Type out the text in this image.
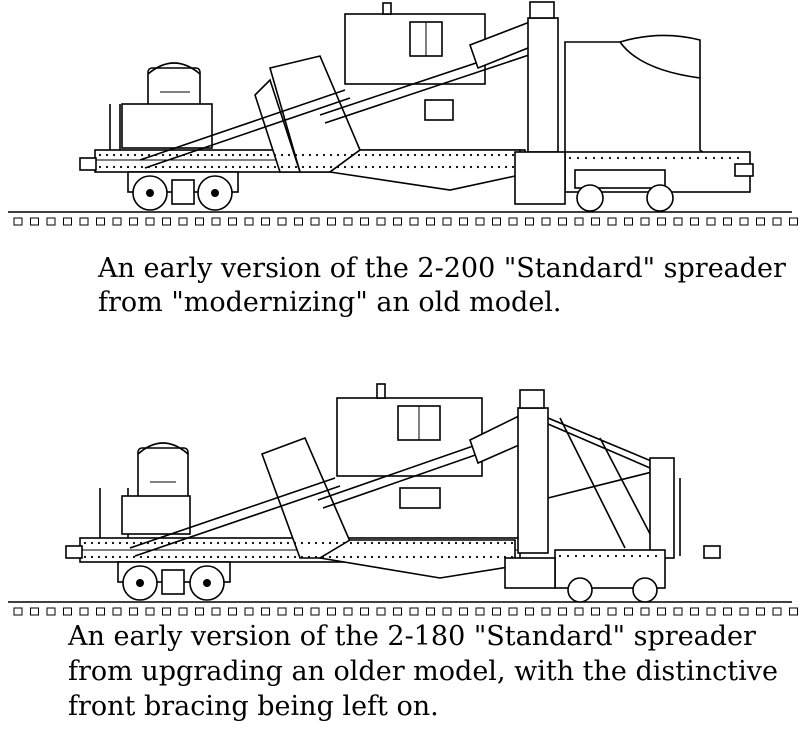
An early version of the 2-200 "Standard" spreader
from "modernizing" an old model.
An early version of the 2-180 "Standard" spreader
from upgrading an older model, with the distinctive
front bracing being left on.
